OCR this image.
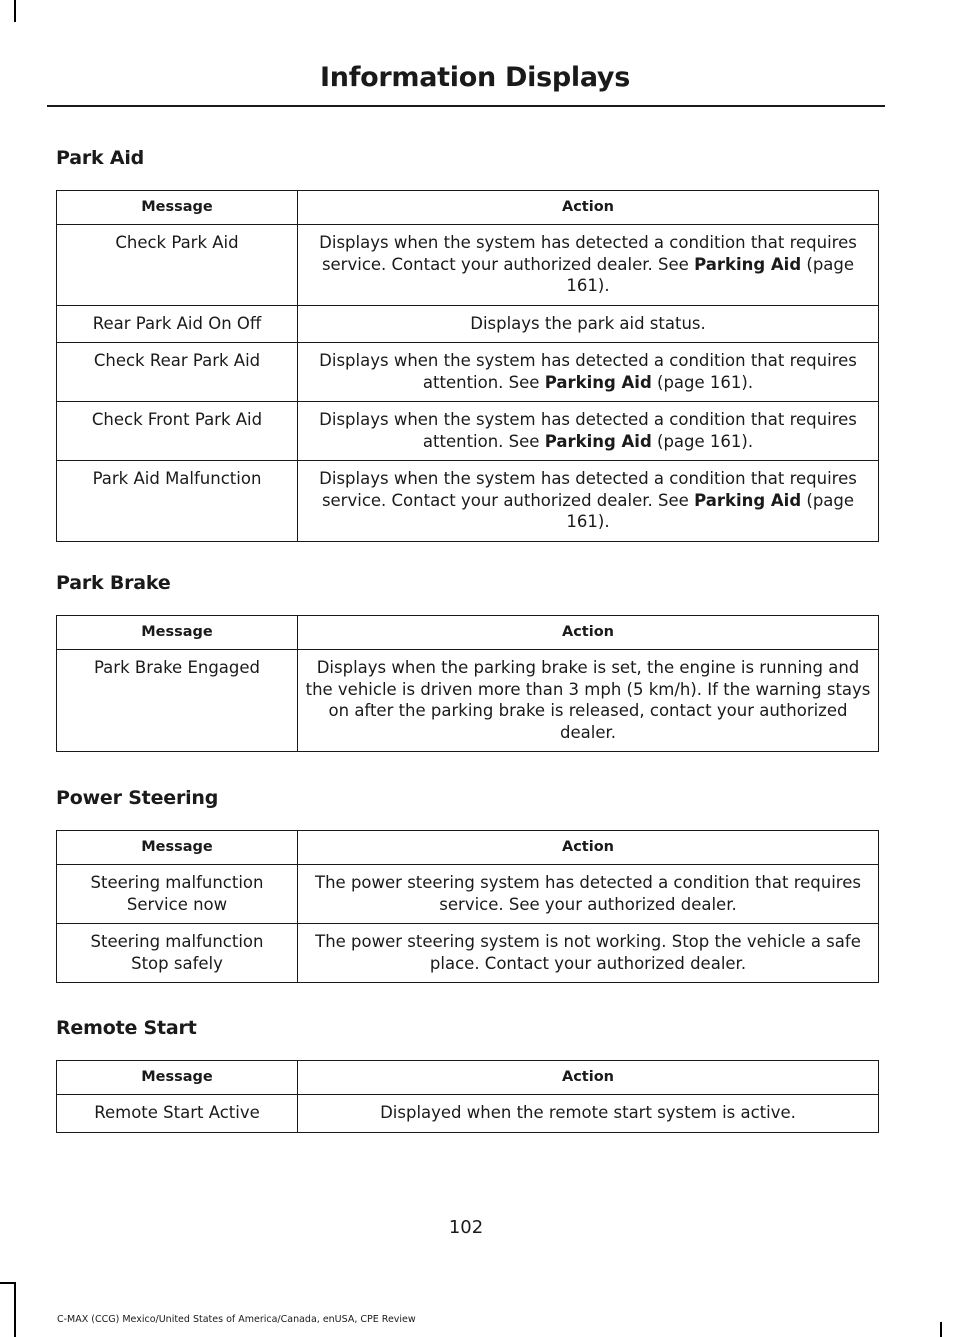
Information Displays
Park Aid
Message	Action
Check Park Aid	Displays when the system has detected a condition that requires service. Contact your authorized dealer. See Parking Aid (page 161).
Rear Park Aid On Off	Displays the park aid status.
Check Rear Park Aid	Displays when the system has detected a condition that requires attention. See Parking Aid (page 161).
Check Front Park Aid	Displays when the system has detected a condition that requires attention. See Parking Aid (page 161).
Park Aid Malfunction	Displays when the system has detected a condition that requires service. Contact your authorized dealer. See Parking Aid (page 161).
Park Brake
Message	Action
Park Brake Engaged	Displays when the parking brake is set, the engine is running and the vehicle is driven more than 3 mph (5 km/h). If the warning stays on after the parking brake is released, contact your authorized dealer.
Power Steering
Message	Action

Steering malfunction
Service now	The power steering system has detected a condition that requires service. See your authorized dealer.

Steering malfunction
Stop safely	The power steering system is not working. Stop the vehicle a safe place. Contact your authorized dealer.
Remote Start
Message	Action
Remote Start Active	Displayed when the remote start system is active.
102
C-MAX (CCG) Mexico/United States of America/Canada, enUSA, CPE Review
